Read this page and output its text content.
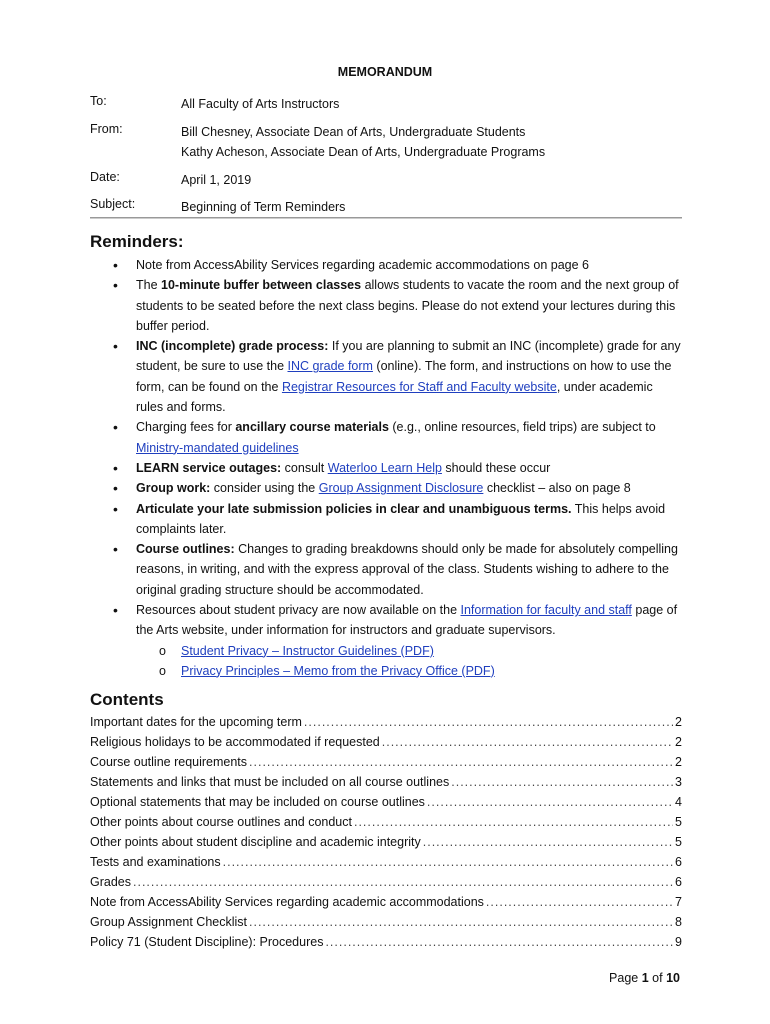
MEMORANDUM
To:	All Faculty of Arts Instructors
From:	Bill Chesney, Associate Dean of Arts, Undergraduate Students
Kathy Acheson, Associate Dean of Arts, Undergraduate Programs
Date:	April 1, 2019
Subject:	Beginning of Term Reminders
Reminders:
• Note from AccessAbility Services regarding academic accommodations on page 6
• The 10-minute buffer between classes allows students to vacate the room and the next group of students to be seated before the next class begins. Please do not extend your lectures during this buffer period.
• INC (incomplete) grade process: If you are planning to submit an INC (incomplete) grade for any student, be sure to use the INC grade form (online). The form, and instructions on how to use the form, can be found on the Registrar Resources for Staff and Faculty website, under academic rules and forms.
• Charging fees for ancillary course materials (e.g., online resources, field trips) are subject to Ministry-mandated guidelines
• LEARN service outages: consult Waterloo Learn Help should these occur
• Group work: consider using the Group Assignment Disclosure checklist – also on page 8
• Articulate your late submission policies in clear and unambiguous terms. This helps avoid complaints later.
• Course outlines: Changes to grading breakdowns should only be made for absolutely compelling reasons, in writing, and with the express approval of the class. Students wishing to adhere to the original grading structure should be accommodated.
• Resources about student privacy are now available on the Information for faculty and staff page of the Arts website, under information for instructors and graduate supervisors.
o Student Privacy – Instructor Guidelines (PDF)
o Privacy Principles – Memo from the Privacy Office (PDF)
Contents
Important dates for the upcoming term .....	2
Religious holidays to be accommodated if requested .....	2
Course outline requirements .....	2
Statements and links that must be included on all course outlines .....	3
Optional statements that may be included on course outlines .....	4
Other points about course outlines and conduct .....	5
Other points about student discipline and academic integrity .....	5
Tests and examinations .....	6
Grades .....	6
Note from AccessAbility Services regarding academic accommodations .....	7
Group Assignment Checklist .....	8
Policy 71 (Student Discipline): Procedures .....	9
Page 1 of 10
